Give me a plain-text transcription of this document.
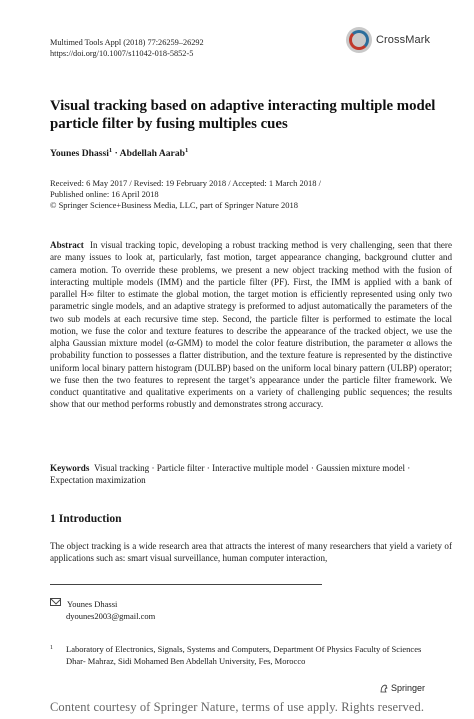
Multimed Tools Appl (2018) 77:26259–26292
https://doi.org/10.1007/s11042-018-5852-5
CrossMark
Visual tracking based on adaptive interacting multiple model particle filter by fusing multiples cues
Younes Dhassi$^1$ · Abdellah Aarab$^1$
Received: 6 May 2017 / Revised: 19 February 2018 / Accepted: 1 March 2018 /
Published online: 16 April 2018
© Springer Science+Business Media, LLC, part of Springer Nature 2018
Abstract In visual tracking topic, developing a robust tracking method is very challenging, seen that there are many issues to look at, particularly, fast motion, target appearance changing, background clutter and camera motion. To override these problems, we present a new object tracking method with the fusion of interacting multiple models (IMM) and the particle filter (PF). First, the IMM is applied with a bank of parallel H∞ filter to estimate the global motion, the target motion is efficiently represented using only two parametric single models, and an adaptive strategy is preformed to adjust automatically the parameters of the two sub models at each recursive time step. Second, the particle filter is performed to estimate the local motion, we fuse the color and texture features to describe the appearance of the tracked object, we use the alpha Gaussian mixture model (α-GMM) to model the color feature distribution, the parameter α allows the probability function to possesses a flatter distribution, and the texture feature is represented by the distinctive uniform local binary pattern histogram (DULBP) based on the uniform local binary pattern (ULBP) operator; we fuse then the two features to represent the target’s appearance under the particle filter framework. We conduct quantitative and qualitative experiments on a variety of challenging public sequences; the results show that our method performs robustly and demonstrates strong accuracy.
Keywords Visual tracking · Particle filter · Interactive multiple model · Gaussien mixture model · Expectation maximization
1 Introduction
The object tracking is a wide research area that attracts the interest of many researchers that yield a variety of applications such as: smart visual surveillance, human computer interaction,
Younes Dhassi
dyounes2003@gmail.com
1	Laboratory of Electronics, Signals, Systems and Computers, Department Of Physics Faculty of Sciences Dhar- Mahraz, Sidi Mohamed Ben Abdellah University, Fes, Morocco
Springer
Content courtesy of Springer Nature, terms of use apply. Rights reserved.
